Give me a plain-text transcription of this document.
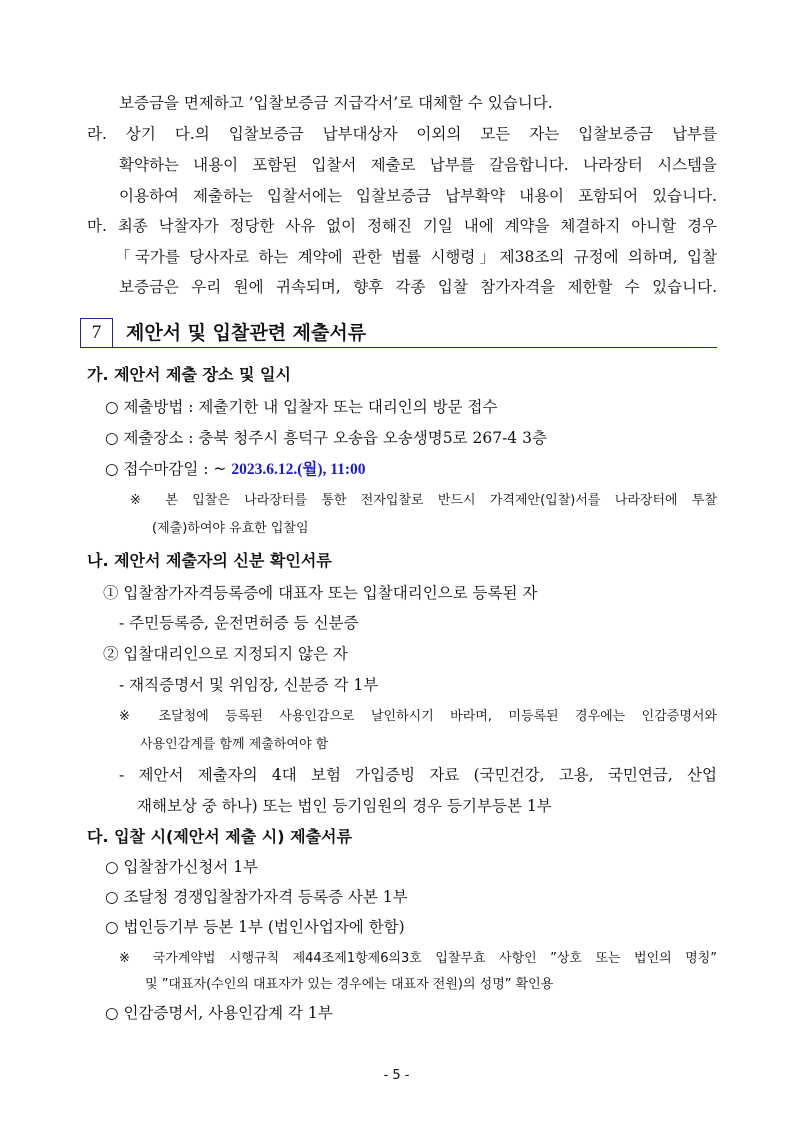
보증금을 면제하고 ’입찰보증금 지급각서’로 대체할 수 있습니다.
라. 상기 다.의 입찰보증금 납부대상자 이외의 모든 자는 입찰보증금 납부를
확약하는 내용이 포함된 입찰서 제출로 납부를 갈음합니다. 나라장터 시스템을
이용하여 제출하는 입찰서에는 입찰보증금 납부확약 내용이 포함되어 있습니다.
마. 최종 낙찰자가 정당한 사유 없이 정해진 기일 내에 계약을 체결하지 아니할 경우
「국가를 당사자로 하는 계약에 관한 법률 시행령」제38조의 규정에 의하며, 입찰
보증금은 우리 원에 귀속되며, 향후 각종 입찰 참가자격을 제한할 수 있습니다.
7	제안서 및 입찰관련 제출서류
가. 제안서 제출 장소 및 일시
○ 제출방법 : 제출기한 내 입찰자 또는 대리인의 방문 접수
○ 제출장소 : 충북 청주시 흥덕구 오송읍 오송생명5로 267-4 3층
○ 접수마감일 : ~ 2023.6.12.(월), 11:00
※ 본 입찰은 나라장터를 통한 전자입찰로 반드시 가격제안(입찰)서를 나라장터에 투찰
(제출)하여야 유효한 입찰임
나. 제안서 제출자의 신분 확인서류
① 입찰참가자격등록증에 대표자 또는 입찰대리인으로 등록된 자
- 주민등록증, 운전면허증 등 신분증
② 입찰대리인으로 지정되지 않은 자
- 재직증명서 및 위임장, 신분증 각 1부
※ 조달청에 등록된 사용인감으로 날인하시기 바라며, 미등록된 경우에는 인감증명서와
사용인감계를 함께 제출하여야 함
- 제안서 제출자의 4대 보험 가입증빙 자료 (국민건강, 고용, 국민연금, 산업
재해보상 중 하나) 또는 법인 등기임원의 경우 등기부등본 1부
다. 입찰 시(제안서 제출 시) 제출서류
○ 입찰참가신청서 1부
○ 조달청 경쟁입찰참가자격 등록증 사본 1부
○ 법인등기부 등본 1부 (법인사업자에 한함)
※ 국가계약법 시행규칙 제44조제1항제6의3호 입찰무효 사항인 ”상호 또는 법인의 명칭”
및 ”대표자(수인의 대표자가 있는 경우에는 대표자 전원)의 성명” 확인용
○ 인감증명서, 사용인감계 각 1부
- 5 -
